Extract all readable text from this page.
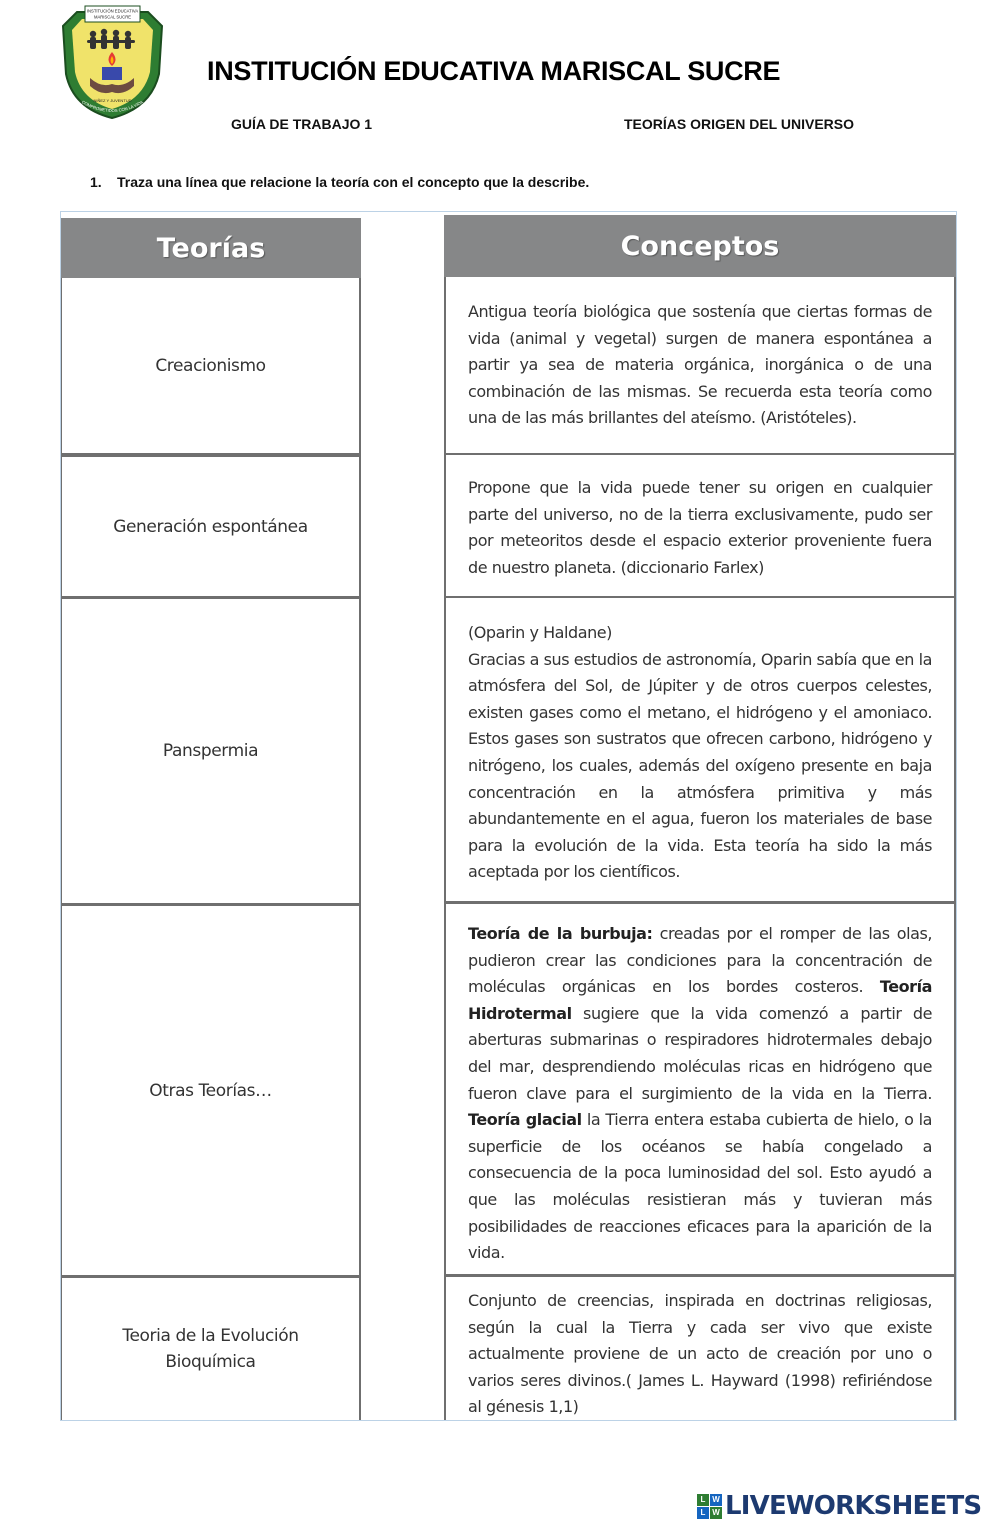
INSTITUCIÓN EDUCATIVA
MARISCAL SUCRE
NIÑEZ Y JUVENTUD
COMPROMETIDOS CON LA VIDA
INSTITUCIÓN EDUCATIVA MARISCAL SUCRE
GUÍA DE TRABAJO 1	TEORÍAS ORIGEN DEL UNIVERSO
1. Traza una línea que relacione la teoría con el concepto que la describe.
Teorías	Conceptos
Creacionismo
Generación espontánea
Panspermia
Otras Teorías…
Teoria de la Evolución
Bioquímica

Antigua teoría biológica que sostenía que ciertas formas de vida (animal y vegetal) surgen de manera espontánea a partir ya sea de materia orgánica, inorgánica o de una combinación de las mismas. Se recuerda esta teoría como una de las más brillantes del ateísmo. (Aristóteles).

Propone que la vida puede tener su origen en cualquier parte del universo, no de la tierra exclusivamente, pudo ser por meteoritos desde el espacio exterior proveniente fuera de nuestro planeta. (diccionario Farlex)

(Oparin y Haldane)

Gracias a sus estudios de astronomía, Oparin sabía que en la atmósfera del Sol, de Júpiter y de otros cuerpos celestes, existen gases como el metano, el hidrógeno y el amoniaco. Estos gases son sustratos que ofrecen carbono, hidrógeno y nitrógeno, los cuales, además del oxígeno presente en baja concentración en la atmósfera primitiva y más abundantemente en el agua, fueron los materiales de base para la evolución de la vida. Esta teoría ha sido la más aceptada por los científicos.

Teoría de la burbuja: creadas por el romper de las olas, pudieron crear las condiciones para la concentración de moléculas orgánicas en los bordes costeros. Teoría Hidrotermal sugiere que la vida comenzó a partir de aberturas submarinas o respiradores hidrotermales debajo del mar, desprendiendo moléculas ricas en hidrógeno que fueron clave para el surgimiento de la vida en la Tierra. Teoría glacial la Tierra entera estaba cubierta de hielo, o la superficie de los océanos se había congelado a consecuencia de la poca luminosidad del sol. Esto ayudó a que las moléculas resistieran más y tuvieran más posibilidades de reacciones eficaces para la aparición de la vida.

Conjunto de creencias, inspirada en doctrinas religiosas, según la cual la Tierra y cada ser vivo que existe actualmente proviene de un acto de creación por uno o varios seres divinos.( James L. Hayward (1998) refiriéndose al génesis 1,1)

L W
L W LIVEWORKSHEETS
